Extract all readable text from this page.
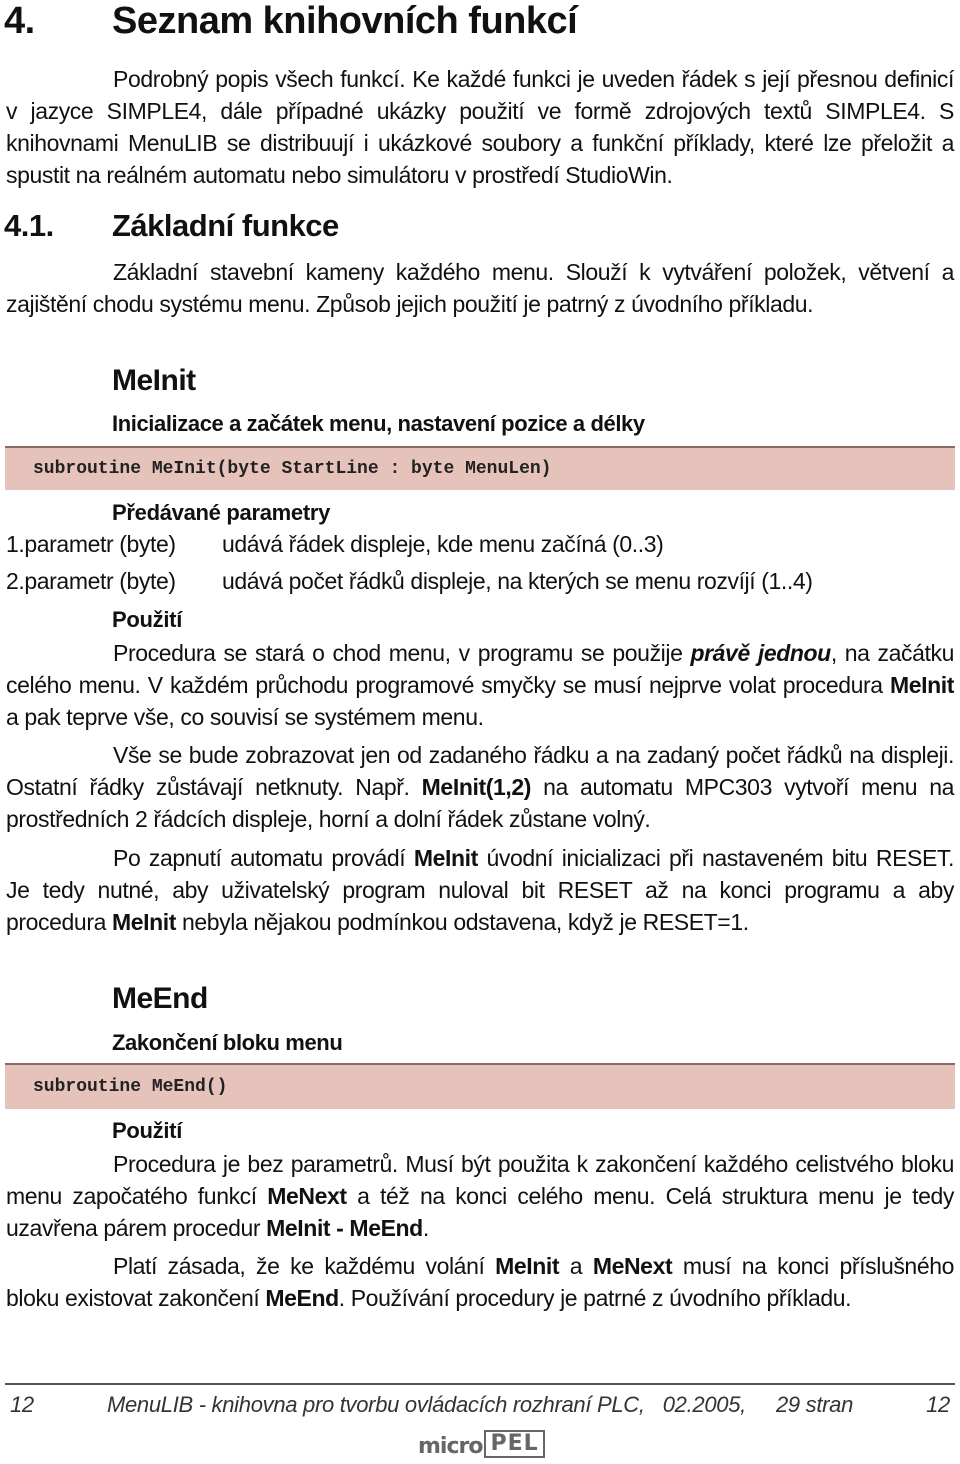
4.	Seznam knihovních funkcí

Podrobný popis všech funkcí. Ke každé funkci je uveden řádek s její přesnou definicí v jazyce SIMPLE4, dále případné ukázky použití ve formě zdrojových textů SIMPLE4. S knihovnami MenuLIB se distribuují i ukázkové soubory a funkční příklady, které lze přeložit a spustit na reálném automatu nebo simulátoru v prostředí StudioWin.

4.1.	Základní funkce

Základní stavební kameny každého menu. Slouží k vytváření položek, větvení a zajištění chodu systému menu. Způsob jejich použití je patrný z úvodního příkladu.

MeInit
Inicializace a začátek menu, nastavení pozice a délky
subroutine MeInit(byte StartLine : byte MenuLen)
Předávané parametry
1.parametr (byte)	udává řádek displeje, kde menu začíná (0..3)
2.parametr (byte)	udává počet řádků displeje, na kterých se menu rozvíjí (1..4)
Použití

Procedura se stará o chod menu, v programu se použije právě jednou, na začátku celého menu. V každém průchodu programové smyčky se musí nejprve volat procedura MeInit a pak teprve vše, co souvisí se systémem menu.

Vše se bude zobrazovat jen od zadaného řádku a na zadaný počet řádků na displeji. Ostatní řádky zůstávají netknuty. Např. MeInit(1,2) na automatu MPC303 vytvoří menu na prostředních 2 řádcích displeje, horní a dolní řádek zůstane volný.

Po zapnutí automatu provádí MeInit úvodní inicializaci při nastaveném bitu RESET. Je tedy nutné, aby uživatelský program nuloval bit RESET až na konci programu a aby procedura MeInit nebyla nějakou podmínkou odstavena, když je RESET=1.

MeEnd
Zakončení bloku menu
subroutine MeEnd()
Použití

Procedura je bez parametrů. Musí být použita k zakončení každého celistvého bloku menu započatého funkcí MeNext a též na konci celého menu. Celá struktura menu je tedy uzavřena párem procedur MeInit - MeEnd.

Platí zásada, že ke každému volání MeInit a MeNext musí na konci příslušného bloku existovat zakončení MeEnd. Používání procedury je patrné z úvodního příkladu.

12	MenuLIB - knihovna pro tvorbu ovládacích rozhraní PLC, 02.2005, 29 stran	12
micro PEL
